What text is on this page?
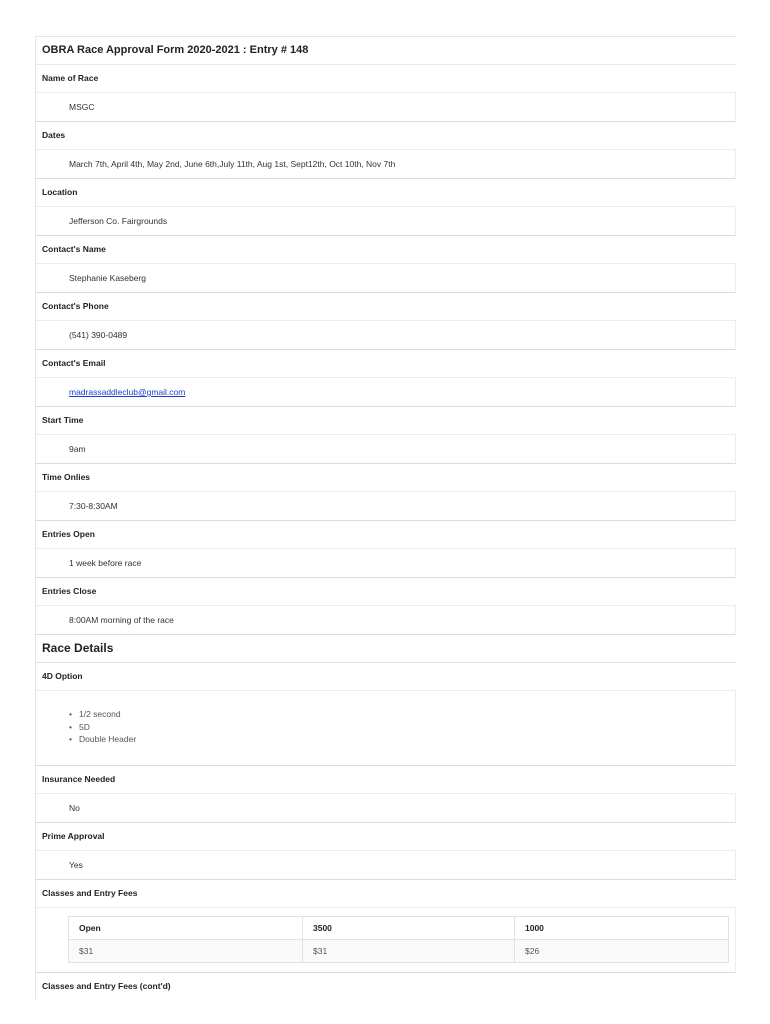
OBRA Race Approval Form 2020-2021 : Entry # 148
Name of Race
MSGC
Dates
March 7th, April 4th, May 2nd, June 6th,July 11th, Aug 1st, Sept12th, Oct 10th, Nov 7th
Location
Jefferson Co. Fairgrounds
Contact's Name
Stephanie Kaseberg
Contact's Phone
(541) 390-0489
Contact's Email
madrassaddleclub@gmail.com
Start Time
9am
Time Onlies
7:30-8:30AM
Entries Open
1 week before race
Entries Close
8:00AM morning of the race
Race Details
4D Option
• 1/2 second
• 5D
• Double Header
Insurance Needed
No
Prime Approval
Yes
Classes and Entry Fees
Open	3500	1000
$31	$31	$26
Classes and Entry Fees (cont'd)
